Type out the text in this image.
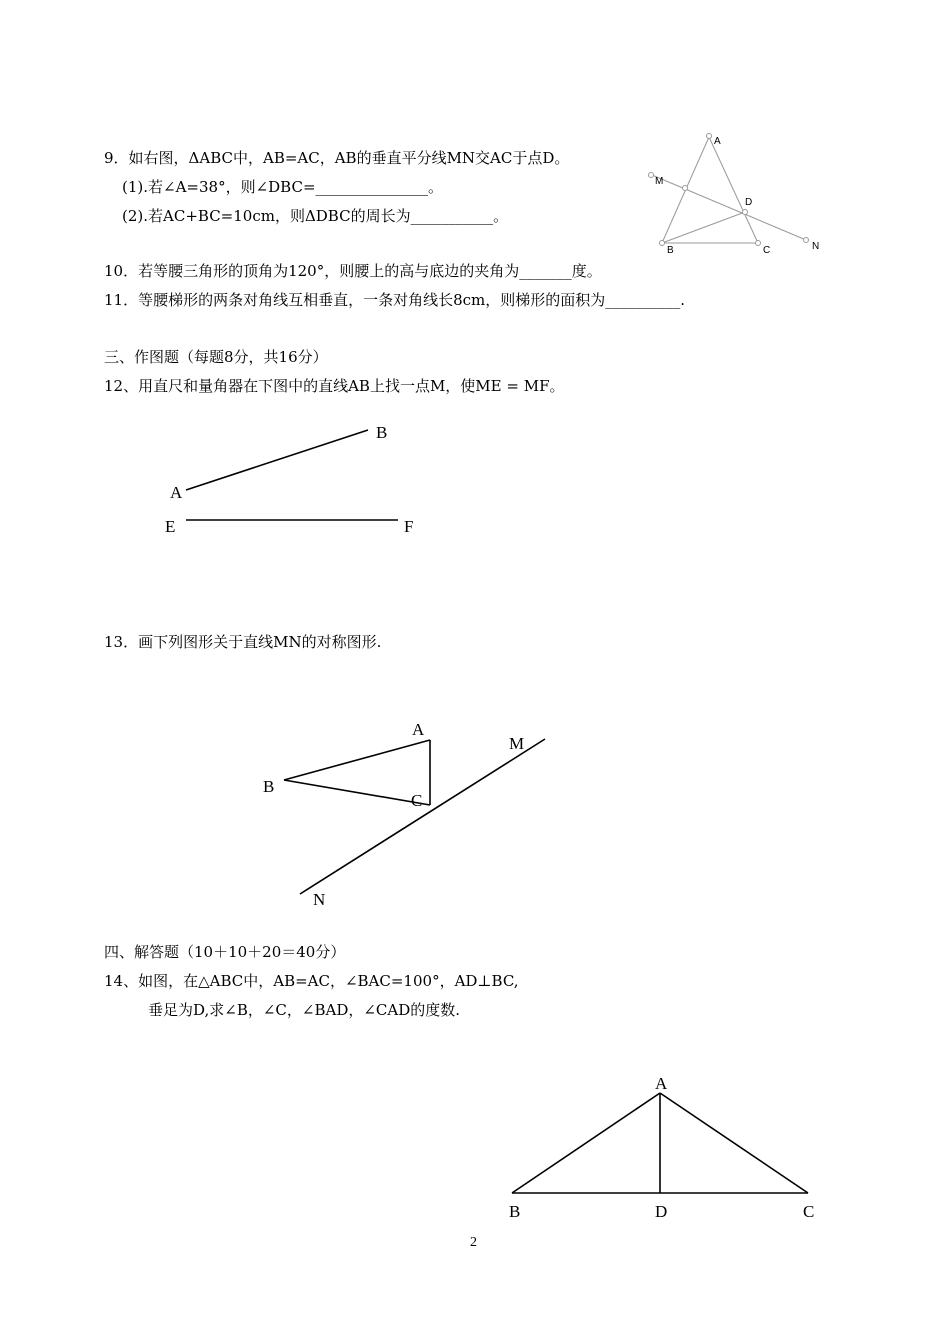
9．如右图，ΔABC中，AB=AC，AB的垂直平分线MN交AC于点D。
(1).若∠A=38°，则∠DBC=_______________。
(2).若AC+BC=10cm，则ΔDBC的周长为___________。
A
M
D
B	C	N
10．若等腰三角形的顶角为120°，则腰上的高与底边的夹角为_______度。
11．等腰梯形的两条对角线互相垂直，一条对角线长8cm，则梯形的面积为__________.
三、作图题（每题8分，共16分）
12、用直尺和量角器在下图中的直线AB上找一点M，使ME = MF。
B
A
E	F
13．画下列图形关于直线MN的对称图形.
A
M
B
C
N
四、解答题（10＋10＋20＝40分）
14、如图，在△ABC中，AB=AC，∠BAC=100°，AD⊥BC,
垂足为D,求∠B，∠C，∠BAD，∠CAD的度数.
A
B	D	C
2
